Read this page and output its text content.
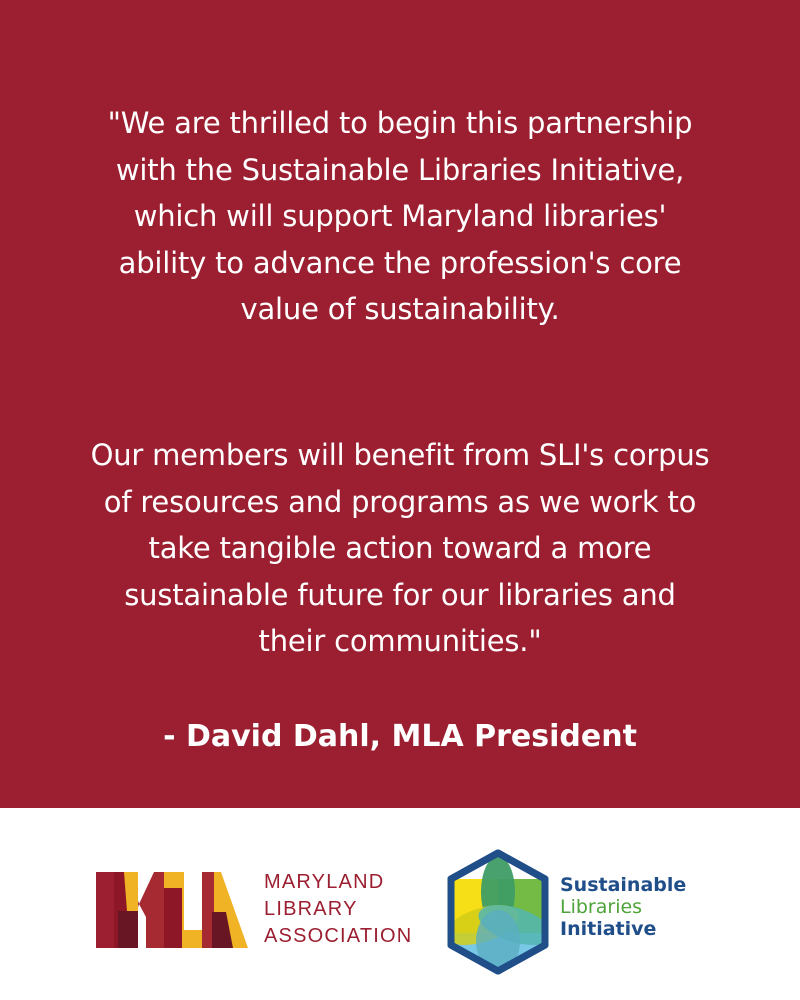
"We are thrilled to begin this partnership with the Sustainable Libraries Initiative, which will support Maryland libraries' ability to advance the profession's core value of sustainability.
Our members will benefit from SLI's corpus of resources and programs as we work to take tangible action toward a more sustainable future for our libraries and their communities."
- David Dahl, MLA President
MARYLAND
LIBRARY
ASSOCIATION
Sustainable
Libraries
Initiative
